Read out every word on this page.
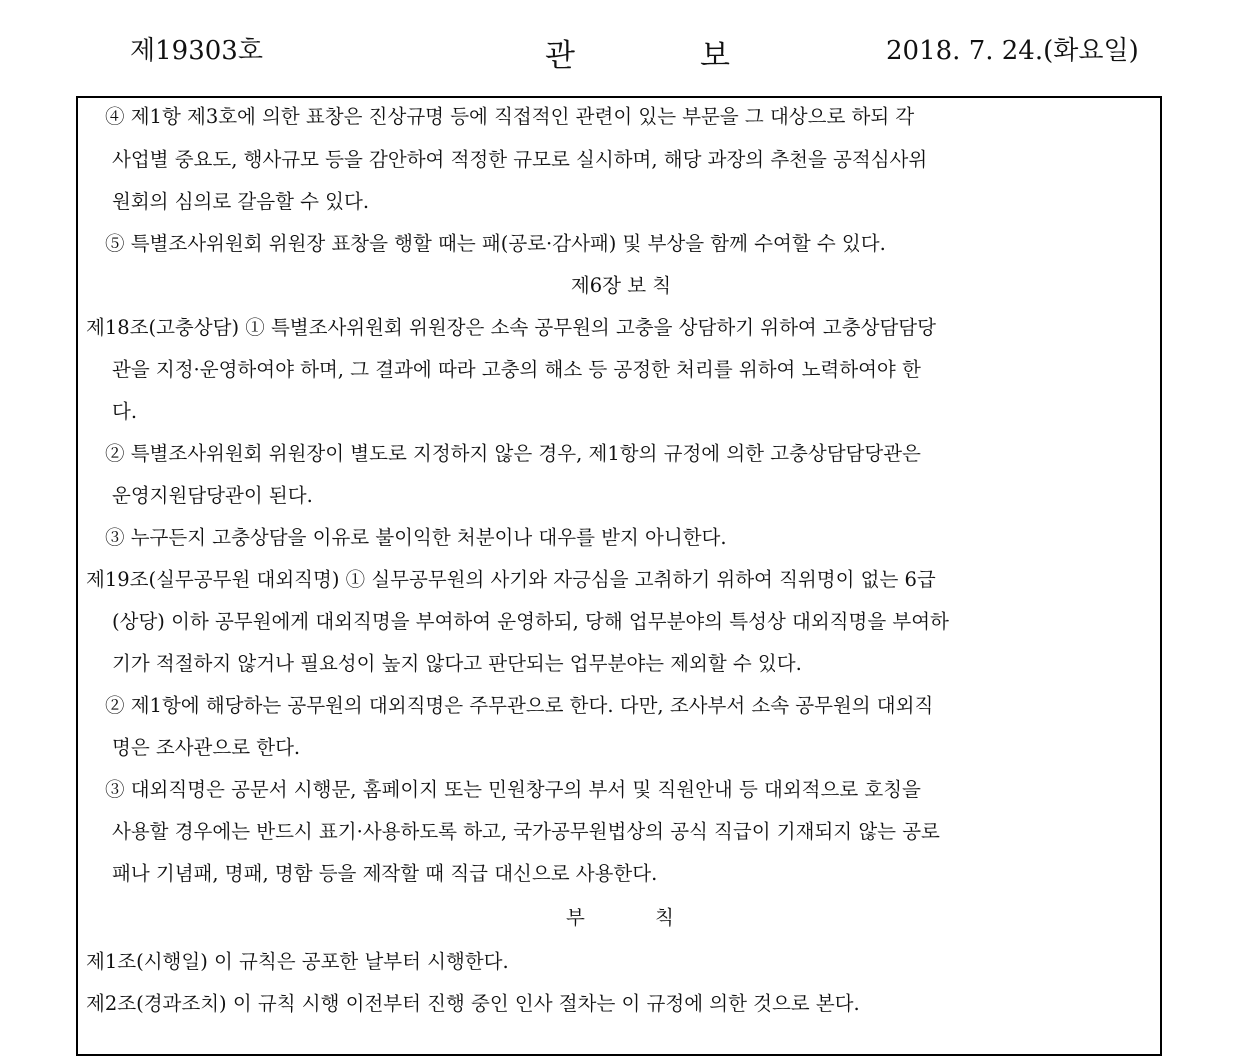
제19303호	관	보	2018. 7. 24.(화요일)
④ 제1항 제3호에 의한 표창은 진상규명 등에 직접적인 관련이 있는 부문을 그 대상으로 하되 각
사업별 중요도, 행사규모 등을 감안하여 적정한 규모로 실시하며, 해당 과장의 추천을 공적심사위
원회의 심의로 갈음할 수 있다.
⑤ 특별조사위원회 위원장 표창을 행할 때는 패(공로·감사패) 및 부상을 함께 수여할 수 있다.
제6장 보 칙
제18조(고충상담) ① 특별조사위원회 위원장은 소속 공무원의 고충을 상담하기 위하여 고충상담담당
관을 지정·운영하여야 하며, 그 결과에 따라 고충의 해소 등 공정한 처리를 위하여 노력하여야 한
다.
② 특별조사위원회 위원장이 별도로 지정하지 않은 경우, 제1항의 규정에 의한 고충상담담당관은
운영지원담당관이 된다.
③ 누구든지 고충상담을 이유로 불이익한 처분이나 대우를 받지 아니한다.
제19조(실무공무원 대외직명) ① 실무공무원의 사기와 자긍심을 고취하기 위하여 직위명이 없는 6급
(상당) 이하 공무원에게 대외직명을 부여하여 운영하되, 당해 업무분야의 특성상 대외직명을 부여하
기가 적절하지 않거나 필요성이 높지 않다고 판단되는 업무분야는 제외할 수 있다.
② 제1항에 해당하는 공무원의 대외직명은 주무관으로 한다. 다만, 조사부서 소속 공무원의 대외직
명은 조사관으로 한다.
③ 대외직명은 공문서 시행문, 홈페이지 또는 민원창구의 부서 및 직원안내 등 대외적으로 호칭을
사용할 경우에는 반드시 표기·사용하도록 하고, 국가공무원법상의 공식 직급이 기재되지 않는 공로
패나 기념패, 명패, 명함 등을 제작할 때 직급 대신으로 사용한다.
부	칙
제1조(시행일) 이 규칙은 공포한 날부터 시행한다.
제2조(경과조치) 이 규칙 시행 이전부터 진행 중인 인사 절차는 이 규정에 의한 것으로 본다.
